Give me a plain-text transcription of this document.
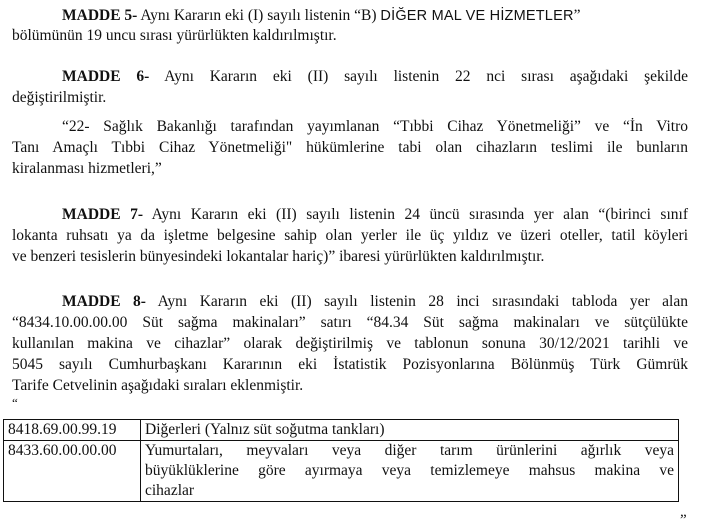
MADDE 5- Aynı Kararın eki (I) sayılı listenin “B) DİĞER MAL VE HİZMETLER”
bölümünün 19 uncu sırası yürürlükten kaldırılmıştır.
MADDE 6- Aynı Kararın eki (II) sayılı listenin 22 nci sırası aşağıdaki şekilde
değiştirilmiştir.
“22- Sağlık Bakanlığı tarafından yayımlanan “Tıbbi Cihaz Yönetmeliği” ve “İn Vitro
Tanı Amaçlı Tıbbi Cihaz Yönetmeliği" hükümlerine tabi olan cihazların teslimi ile bunların
kiralanması hizmetleri,”
MADDE 7- Aynı Kararın eki (II) sayılı listenin 24 üncü sırasında yer alan “(birinci sınıf
lokanta ruhsatı ya da işletme belgesine sahip olan yerler ile üç yıldız ve üzeri oteller, tatil köyleri
ve benzeri tesislerin bünyesindeki lokantalar hariç)” ibaresi yürürlükten kaldırılmıştır.
MADDE 8- Aynı Kararın eki (II) sayılı listenin 28 inci sırasındaki tabloda yer alan
“8434.10.00.00.00 Süt sağma makinaları” satırı “84.34 Süt sağma makinaları ve sütçülükte
kullanılan makina ve cihazlar” olarak değiştirilmiş ve tablonun sonuna 30/12/2021 tarihli ve
5045 sayılı Cumhurbaşkanı Kararının eki İstatistik Pozisyonlarına Bölünmüş Türk Gümrük
Tarife Cetvelinin aşağıdaki sıraları eklenmiştir.
“
8418.69.00.99.19	Diğerleri (Yalnız süt soğutma tankları)

8433.60.00.00.00	Yumurtaları, meyvaları veya diğer tarım ürünlerini ağırlık veya
büyüklüklerine göre ayırmaya veya temizlemeye mahsus makina ve
cihazlar
”
